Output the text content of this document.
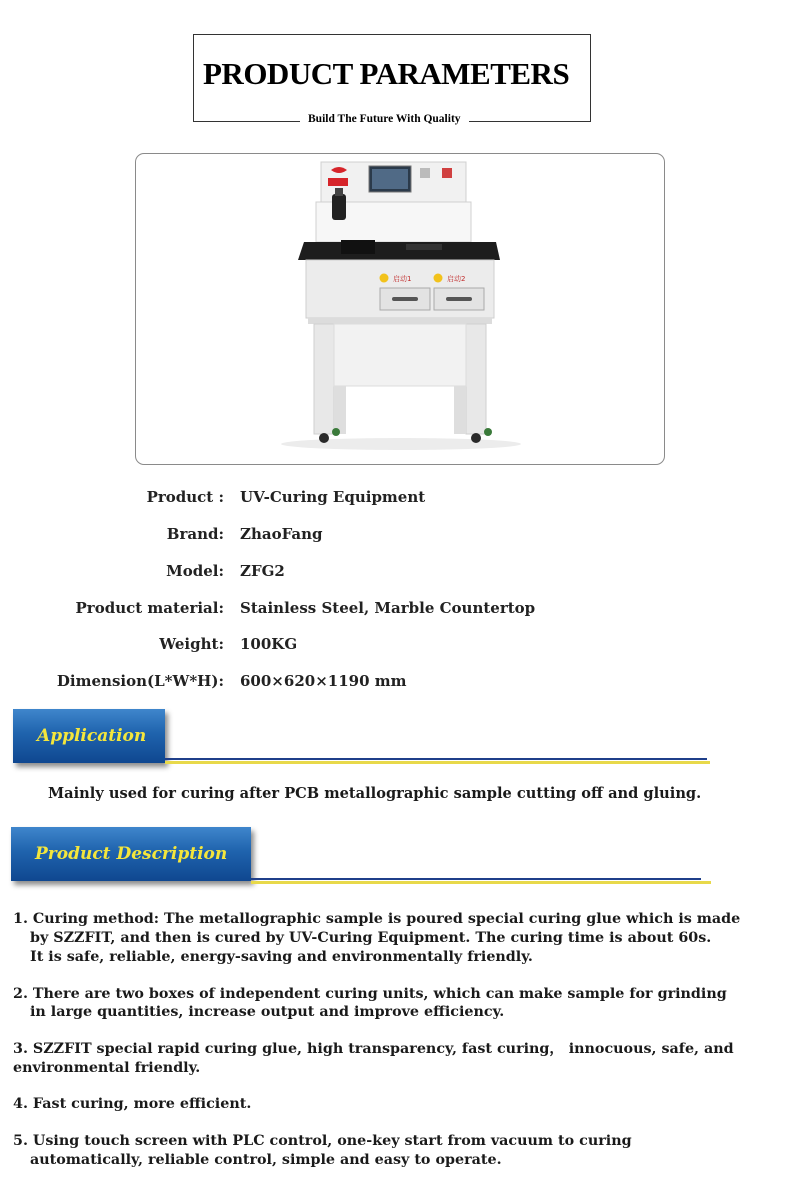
PRODUCT PARAMETERS
Build The Future With Quality
启动1	启动2
Product : UV-Curing Equipment
Brand: ZhaoFang
Model: ZFG2
Product material: Stainless Steel, Marble Countertop
Weight: 100KG
Dimension(L*W*H): 600×620×1190 mm
Application
Mainly used for curing after PCB metallographic sample cutting off and gluing.
Product Description
1. Curing method: The metallographic sample is poured special curing glue which is made
by SZZFIT, and then is cured by UV-Curing Equipment. The curing time is about 60s.
It is safe, reliable, energy-saving and environmentally friendly.
2. There are two boxes of independent curing units, which can make sample for grinding
in large quantities, increase output and improve efficiency.
3. SZZFIT special rapid curing glue, high transparency, fast curing， innocuous, safe, and
environmental friendly.
4. Fast curing, more efficient.
5. Using touch screen with PLC control, one-key start from vacuum to curing
automatically, reliable control, simple and easy to operate.
